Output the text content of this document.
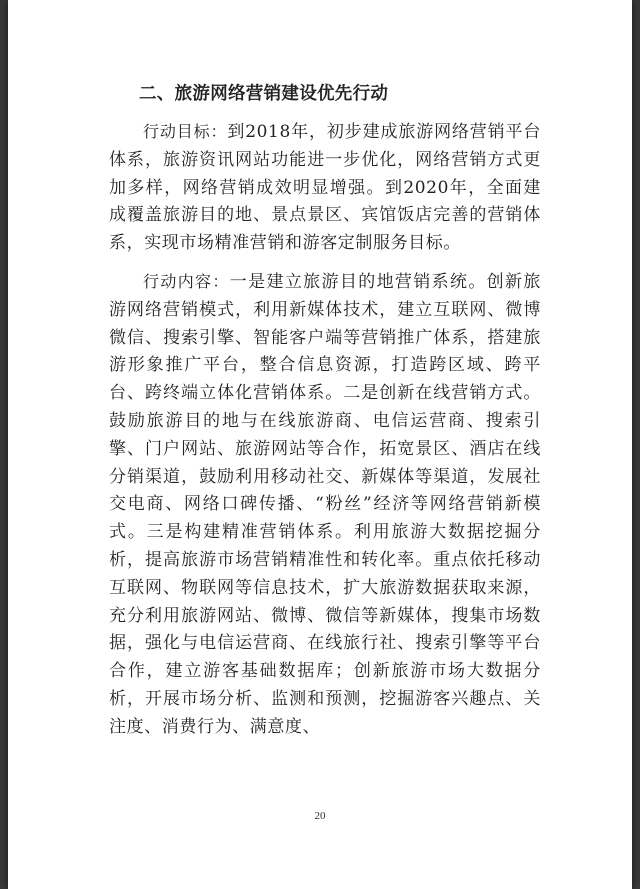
二、旅游网络营销建设优先行动

行动目标：到2018年，初步建成旅游网络营销平台体系，旅游资讯网站功能进一步优化，网络营销方式更加多样，网络营销成效明显增强。到2020年，全面建成覆盖旅游目的地、景点景区、宾馆饭店完善的营销体系，实现市场精准营销和游客定制服务目标。

行动内容：一是建立旅游目的地营销系统。创新旅游网络营销模式，利用新媒体技术，建立互联网、微博微信、搜索引擎、智能客户端等营销推广体系，搭建旅游形象推广平台，整合信息资源，打造跨区域、跨平台、跨终端立体化营销体系。二是创新在线营销方式。鼓励旅游目的地与在线旅游商、电信运营商、搜索引擎、门户网站、旅游网站等合作，拓宽景区、酒店在线分销渠道，鼓励利用移动社交、新媒体等渠道，发展社交电商、网络口碑传播、“粉丝”经济等网络营销新模式。三是构建精准营销体系。利用旅游大数据挖掘分析，提高旅游市场营销精准性和转化率。重点依托移动互联网、物联网等信息技术，扩大旅游数据获取来源，充分利用旅游网站、微博、微信等新媒体，搜集市场数据，强化与电信运营商、在线旅行社、搜索引擎等平台合作，建立游客基础数据库；创新旅游市场大数据分析，开展市场分析、监测和预测，挖掘游客兴趣点、关注度、消费行为、满意度、

20
